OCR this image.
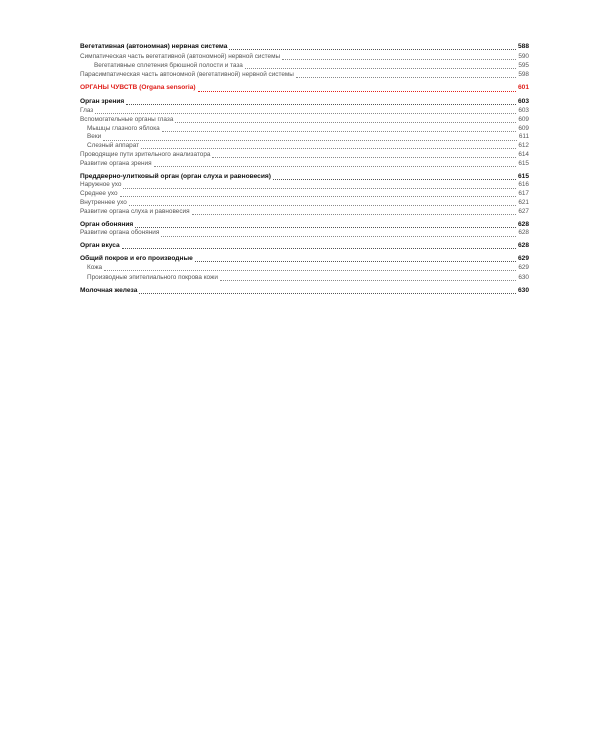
Вегетативная (автономная) нервная система	588
Симпатическая часть вегетативной (автономной) нервной системы	590
Вегетативные сплетения брюшной полости и таза	595
Парасимпатическая часть автономной (вегетативной) нервной системы	598
ОРГАНЫ ЧУВСТВ (Organa sensoria)	601
Орган зрения	603
Глаз	603
Вспомогательные органы глаза	609
Мышцы глазного яблока	609
Веки	611
Слезный аппарат	612
Проводящие пути зрительного анализатора	614
Развитие органа зрения	615
Преддверно-улитковый орган (орган слуха и равновесия)	615
Наружное ухо	616
Среднее ухо	617
Внутреннее ухо	621
Развитие органа слуха и равновесия	627
Орган обоняния	628
Развитие органа обоняния	628
Орган вкуса	628
Общий покров и его производные	629
Кожа	629
Производные эпителиального покрова кожи	630
Молочная железа	630
